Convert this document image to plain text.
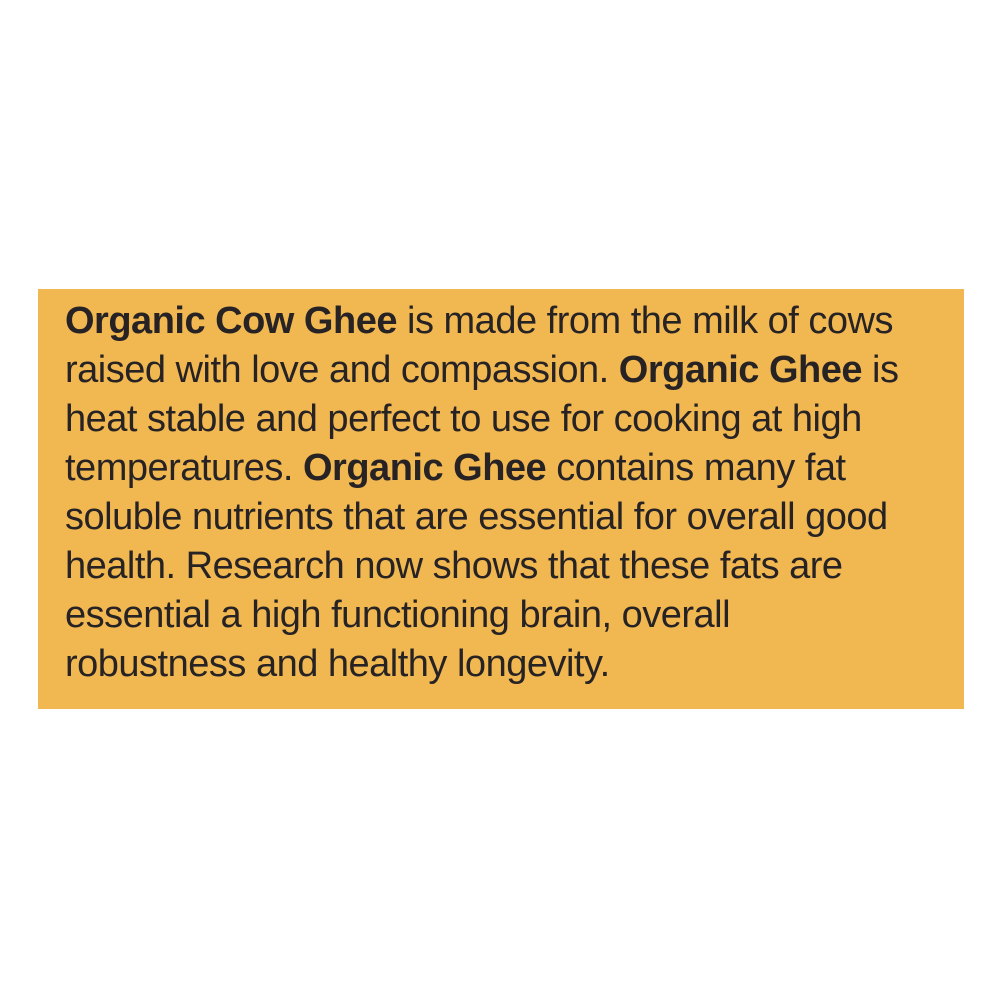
Organic Cow Ghee is made from the milk of cows
raised with love and compassion. Organic Ghee is
heat stable and perfect to use for cooking at high
temperatures. Organic Ghee contains many fat
soluble nutrients that are essential for overall good
health. Research now shows that these fats are
essential a high functioning brain, overall
robustness and healthy longevity.
